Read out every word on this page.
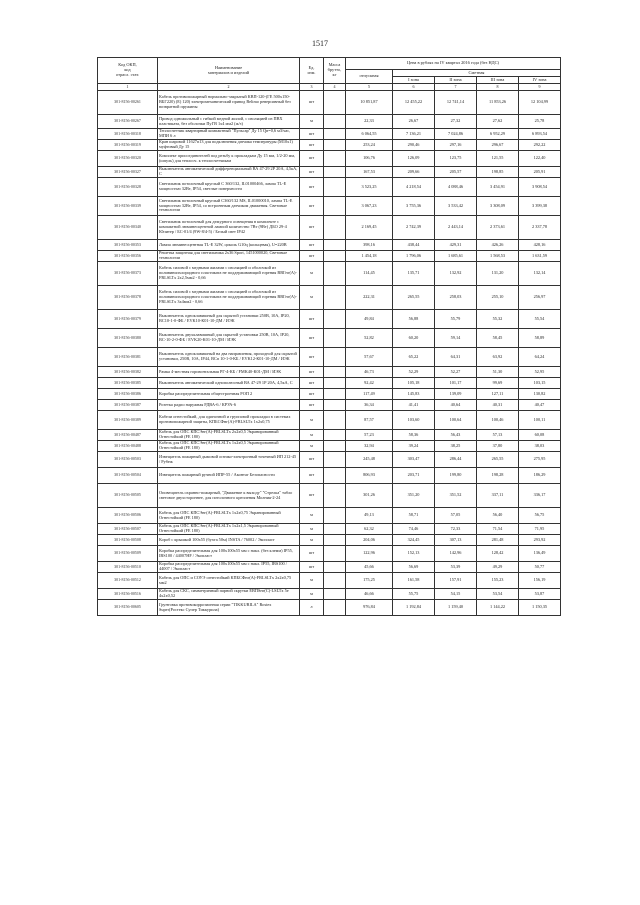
1517
Код ОКП,
код
отрасл. стат.	Наименование
материалов и изделий	Ед.
изм.	Масса
брутто,
кг	Цена в рублях на IV квартал 2016 года (без НДС)				
				отпускная	Сметная			
					I зона	II зона	III зона	IV зона
1	2	3	4	5	6	7	8	9
301-8156-00261	Кабель противопожарный нормально-закрытый КВП-120-(ГЕ 500x150-ВБГ220) (Е) 120) электромеханический привод Belimo реверсивный без возвратной пружины	шт		10 851,87	12 455,22	12 741,14	11 853,26	12 104,99
301-8156-00267	Провод одножильный с гибкой медной жилой, с изоляцией из ПВХ пластиката, без оболочки ПуГВ 1x4 мм2 (ж/з)	м		22,33	26,67	27,32	27,62	25,78
301-8156-00318	Теплосчетчик квартирный компактный "Пульсар" Ду 15 Qn=0,6 м3/час, МПИ 6 л	шт		6 064,55	7 136,21	7 024,86	6 952,29	6 893,54
301-8156-00319	Кран шаровой 11б27п13 для подключения датчика температуры (М10х1) муфтовый Ду 15	шт		253,24	290,46	297,16	296,67	292,22
301-8156-00320	Комплект присоединителей под резьбу к прокладкам Ду 15 мм, 1/2-20 мм, (шпуль) для теплосч. к теплосчетчикам	шт		106,76	126,09	123,75	121,55	122,40
301-8156-00327	Выключатель автоматический дифференциальный ВА 47-29 2Р 20А, 4,5кА, С	шт		167,53	209,66	205,57	198,85	205,91
301-8156-00328	Светильник потолочный круглый С 360/132, IL01000466, лампа TL-E мощностью 32Вт, IP54, светлые поверхности	шт		3 523,25	4 218,54	4 088,46	3 454,91	3 908,54
301-8156-00339	Светильник потолочный круглый С360/132 MS, IL01000010, лампа TL-E мощностью 32Вт, IP54, со встроенным датчиком движения. Световые технологии	шт		3 067,23	3 755,36	3 533,42	3 308,09	3 399,38
301-8156-00340	Светильник потолочный для дежурного освещения в комплекте с компактной люминесцентной лампой количество 7Вт (9Вт) ДБО 29-4 Юпитер / БС-01/4 (9W-8/4-5) / Белый свет IP42	шт		2 169,45	2 742,39	2 443,14	2 373,61	2 337,78
301-8156-00353	Лампа люминесцентная TL-E 32W, цоколь G10q (кольцевая), U=220В	шт		398,16	438,44	429,31	426,26	428,16
301-8156-00356	Решетка защитная для светильника 2x36 Sport, 1451000020, Световые технологии	шт		1 454,18	1 796,06	1 685,61	1 568,53	1 631,59
301-8156-00373	Кабель силовой с медными жилами с изоляцией и оболочкой из поливинилхлоридного пластиката не поддерживающий горения ВВГнг(А)-FRLSLTx 2x2,5мм2 - 0,66	м		114,45	135,71	132,92	131,20	132,14
301-8156-00378	Кабель силовой с медными жилами с изоляцией и оболочкой из поливинилхлоридного пластиката не поддерживающий горения ВВГнг(А)-FRLSLTx 3x4мм2 - 0,66	м		222,31	265,55	258,03	255,10	256,97
301-8156-00379	Выключатель одноклавишный для скрытой установки 250В, 10А, IP20, ВС10-1-0-ФБ / EVK10-К01-10-ДМ / ИЭК	шт		49,84	56,88	55,79	55,32	55,54
301-8156-00380	Выключатель двухклавишный для скрытой установки 250В, 10А, IP20, ВС-10-2-0-ФБ / EVK20-К01-10-ДМ / ИЭК	шт		52,82	60,20	59,14	58,45	58,89
301-8156-00381	Выключатель одноклавишный на два направления, проходной для скрытой установки, 250В, 10А, IP44, ВСп 10-1-0-КБ / EVK12-К01-10-ДМ / ИЭК	шт		57,67	65,22	64,31	63,92	64,24
301-8156-00382	Рамка 4-местная горизонтальная РГ-4-КБ / FMK40-К01-ДМ / ИЭК	шт		46,73	52,29	52,27	51,30	52,95
301-8156-00385	Выключатель автоматический однополюсный ВА 47-29 1Р 20А, 4,5кА, С	шт		92,42	105,18	101,17	99,69	103,15
301-8156-00386	Коробка распределительная общестроечная РОП 2	шт		117,49	145,83	139,09	127,11	130,82
301-8156-00387	Розетка радио наружная РДВА-6 / КРУА-6	шт		36,34	41,41	40,64	40,31	40,47
301-8156-00389	Кабели огнестойкий, для одиночной и групповой прокладки в системах противопожарной защиты, КПБСФнг(А)-FRLSLTx 1x2x0,75	м		87,57	103,60	100,64	100,46	100,11
301-8156-00487	Кабель для ОПС КПСЭнг(А)-FRLSLTx 2x2x0,5 Экранированный Огнестойкий (FE 180)	м		57,23	58,36	56,43	57,13	60,08
301-8156-00488	Кабель для ОПС КПСЭнг(А)-FRLSLTx 1x2x0,5 Экранированный Огнестойкий (FE 180)	м		32,94	39,24	38,25	37,80	38,03
301-8156-00503	Извещатель пожарный дымовой оптико-электронный точечный ИП 212-45 / Рубеж	шт		245,48	303,47	286,44	265,55	275,95
301-8156-00504	Извещатель пожарный ручной ИПР-55 / Аконтаг Безопасности	шт		806,93	203,71	199,80	198,28	186,29
301-8156-00505	Оповещатель охранно-пожарный, "Движение к выходу" "Стрелка" табло световое двухстороннее, для потолочного крепления Молния-2-24	шт		301,26	351,20	351,52	337,11	336,17
301-8156-00506	Кабель для ОПС КПСЭнг(А)-FRLSLTx 1x2x0,75 Экранированный Огнестойкий (FE 180)	м		49,13	58,71	57,05	56,40	56,75
301-8156-00507	Кабель для ОПС КПСЭнг(А)-FRLSLTx 1x2x1,5 Экранированный Огнестойкий (FE 180)	м		62,32	74,46	72,33	71,54	71,95
301-8156-00508	Короб с крышкой 100x55 (бухта 50м) INSTA / 76002 / Экопласт	м		204,06	324,45	307,13	281,48	293,92
301-8156-00509	Коробка распределительная для 100x100x55 мм с накл. (без клемм) IP55, IBS100 / 44007HF / Экопласт	шт		122,96	152,13	142,96	128,42	136,49
301-8156-00510	Коробка распределительная для 100x100x55 мм с накл. IP55, IBS100 / 44007 / Экопласт	шт		45,66	56,69	53,39	49,29	50,77
301-8156-00512	Кабель для ОПС и СОУЭ огнестойкий КПБСФнг(А)-FRLSLTx 2x2x0,75 мм2	м		175,25	161,58	157,91	155,23	156,19
301-8156-00516	Кабель для СКС, симметричный парной скрутки ЕВПSнг(С)-LSLTx 5e 4x2x0,52	м		46,66	55,75	54,15	53,54	53,87
301-8156-00605	Грунтовка противокоррозионная серии "TIKKURILA" Rostex Super(Ростекс Супер Тиккурила)	л		976,84	1 192,84	1 159,40	1 144,22	1 150,35
